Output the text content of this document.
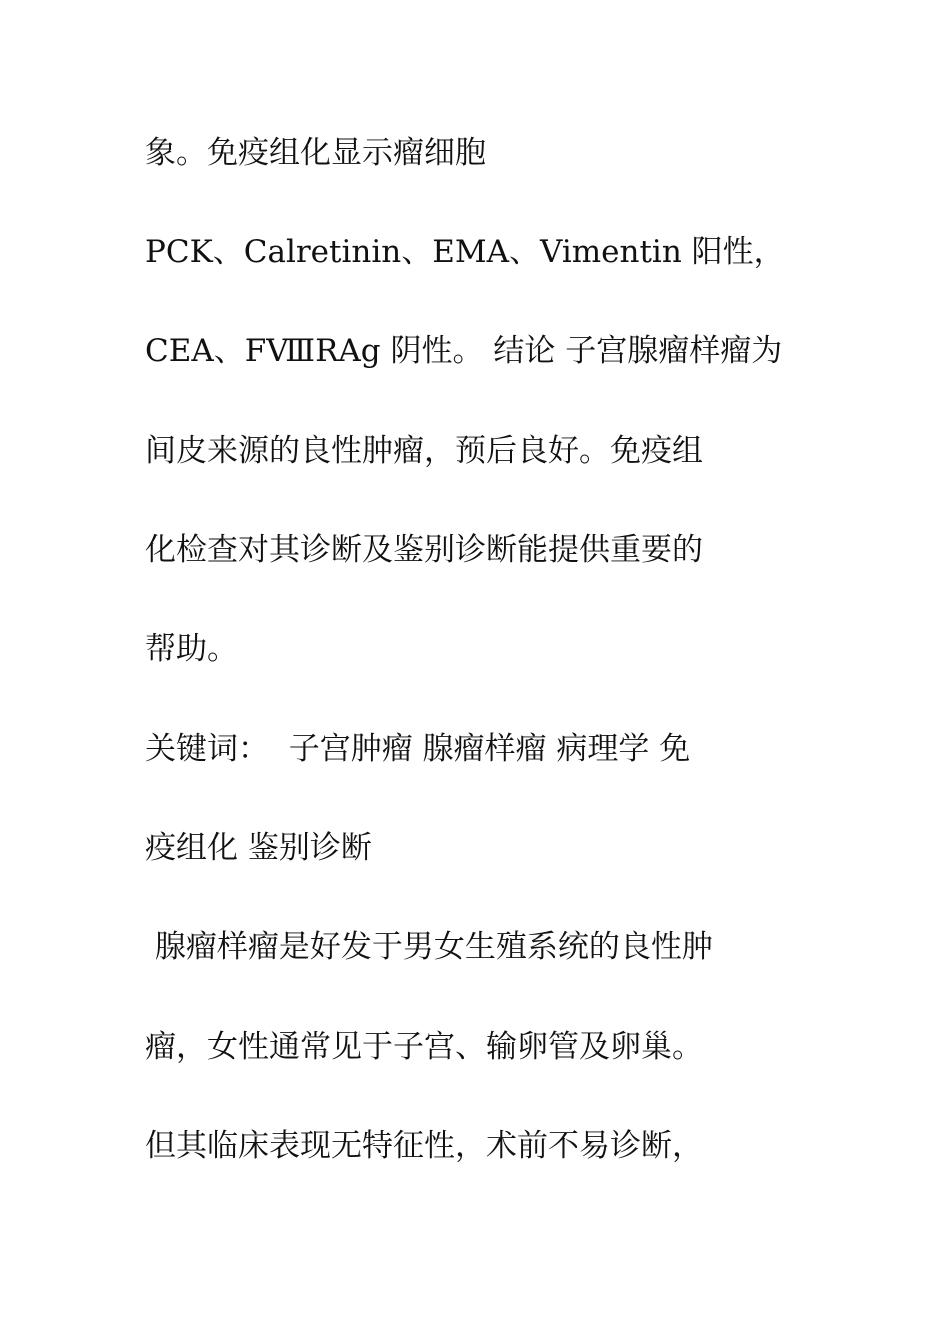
象。免疫组化显示瘤细胞
PCK、Calretinin、EMA、Vimentin 阳性，
CEA、FⅧRAg 阴性。 结论 子宫腺瘤样瘤为
间皮来源的良性肿瘤，预后良好。免疫组
化检查对其诊断及鉴别诊断能提供重要的
帮助。
关键词：  子宫肿瘤 腺瘤样瘤 病理学 免
疫组化 鉴别诊断
腺瘤样瘤是好发于男女生殖系统的良性肿
瘤，女性通常见于子宫、输卵管及卵巢。
但其临床表现无特征性，术前不易诊断，
